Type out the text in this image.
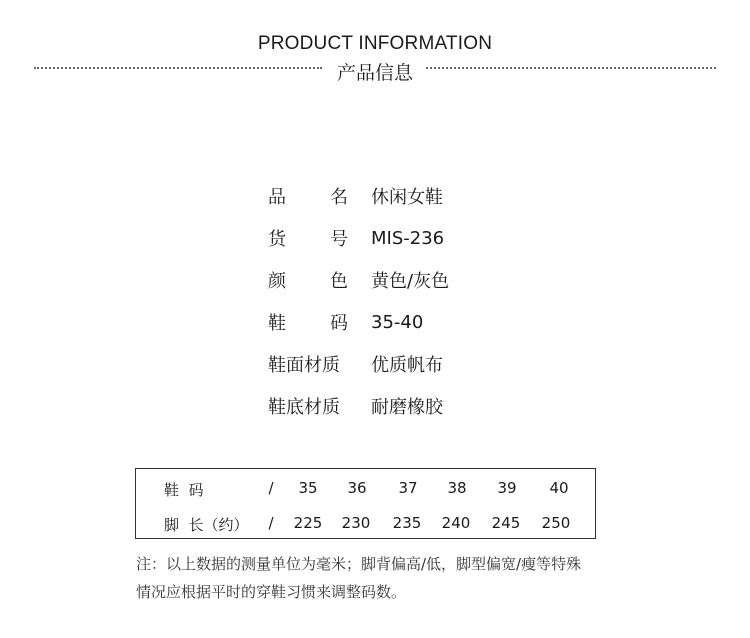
PRODUCT INFORMATION
产品信息
品 名 休闲女鞋
货 号 MIS-236
颜 色 黄色/灰色
鞋 码 35-40
鞋面材质 优质帆布
鞋底材质 耐磨橡胶
鞋  码	/	35	36	37	38	39	40
脚  长（约） /	225	230	235	240	245	250

注：以上数据的测量单位为毫米；脚背偏高/低，脚型偏宽/瘦等特殊

情况应根据平时的穿鞋习惯来调整码数。
